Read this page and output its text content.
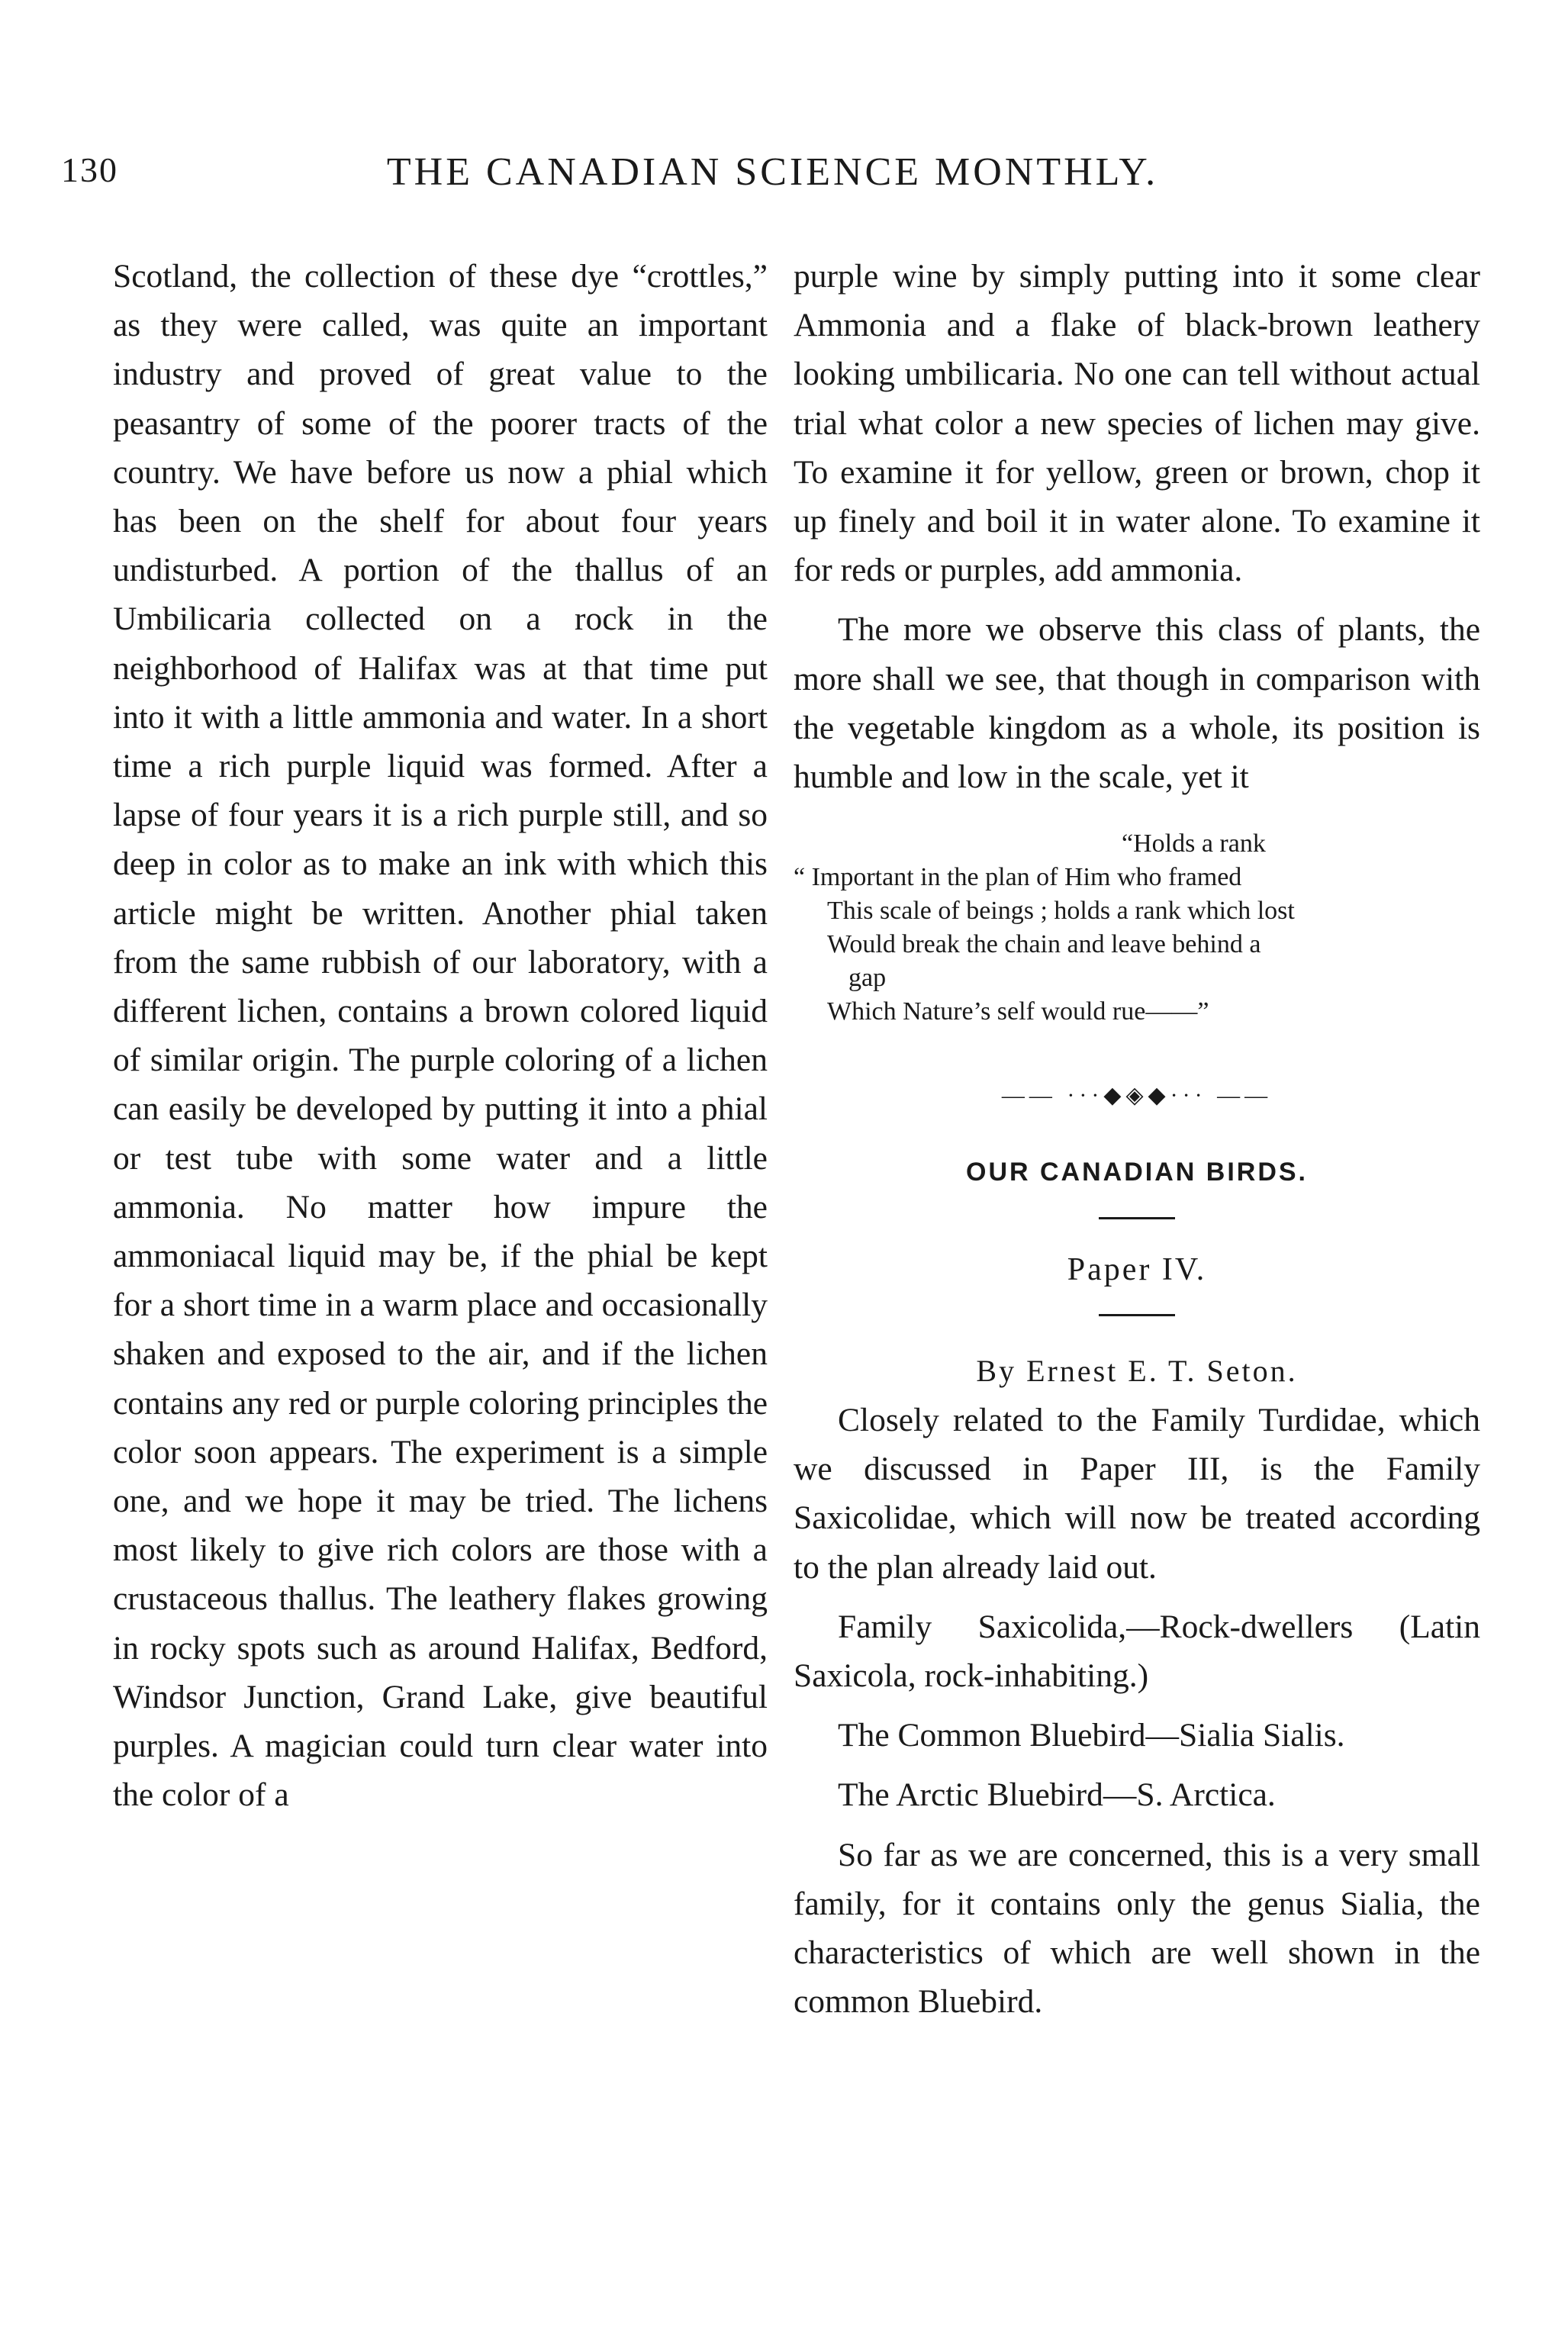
130	THE CANADIAN SCIENCE MONTHLY.

Scotland, the collection of these dye “crottles,” as they were called, was quite an important industry and proved of great value to the peasantry of some of the poorer tracts of the country. We have before us now a phial which has been on the shelf for about four years undisturbed. A portion of the thallus of an Umbilicaria collected on a rock in the neighborhood of Halifax was at that time put into it with a little ammonia and water. In a short time a rich purple liquid was formed. After a lapse of four years it is a rich purple still, and so deep in color as to make an ink with which this article might be written. Another phial taken from the same rubbish of our laboratory, with a different lichen, contains a brown colored liquid of similar origin. The purple coloring of a lichen can easily be developed by putting it into a phial or test tube with some water and a little ammonia. No matter how impure the ammoniacal liquid may be, if the phial be kept for a short time in a warm place and occasionally shaken and exposed to the air, and if the lichen contains any red or purple coloring principles the color soon appears. The experiment is a simple one, and we hope it may be tried. The lichens most likely to give rich colors are those with a crustaceous thallus. The leathery flakes growing in rocky spots such as around Halifax, Bedford, Windsor Junction, Grand Lake, give beautiful purples. A magician could turn clear water into the color of a

purple wine by simply putting into it some clear Ammonia and a flake of black-brown leathery looking umbilicaria. No one can tell without actual trial what color a new species of lichen may give. To examine it for yellow, green or brown, chop it up finely and boil it in water alone. To examine it for reds or purples, add ammonia.

The more we observe this class of plants, the more shall we see, that though in comparison with the vegetable kingdom as a whole, its position is humble and low in the scale, yet it

“Holds a rank
“ Important in the plan of Him who framed
This scale of beings ; holds a rank which lost
Would break the chain and leave behind a
gap
Which Nature’s self would rue——”
—— ···◆◈◆··· ——
OUR CANADIAN BIRDS.
Paper IV.
By Ernest E. T. Seton.

Closely related to the Family Turdidae, which we discussed in Paper III, is the Family Saxicolidae, which will now be treated according to the plan already laid out.

Family Saxicolida,—Rock-dwellers (Latin Saxicola, rock-inhabiting.)

The Common Bluebird—Sialia Sialis.

The Arctic Bluebird—S. Arctica.

So far as we are concerned, this is a very small family, for it contains only the genus Sialia, the characteristics of which are well shown in the common Bluebird.
